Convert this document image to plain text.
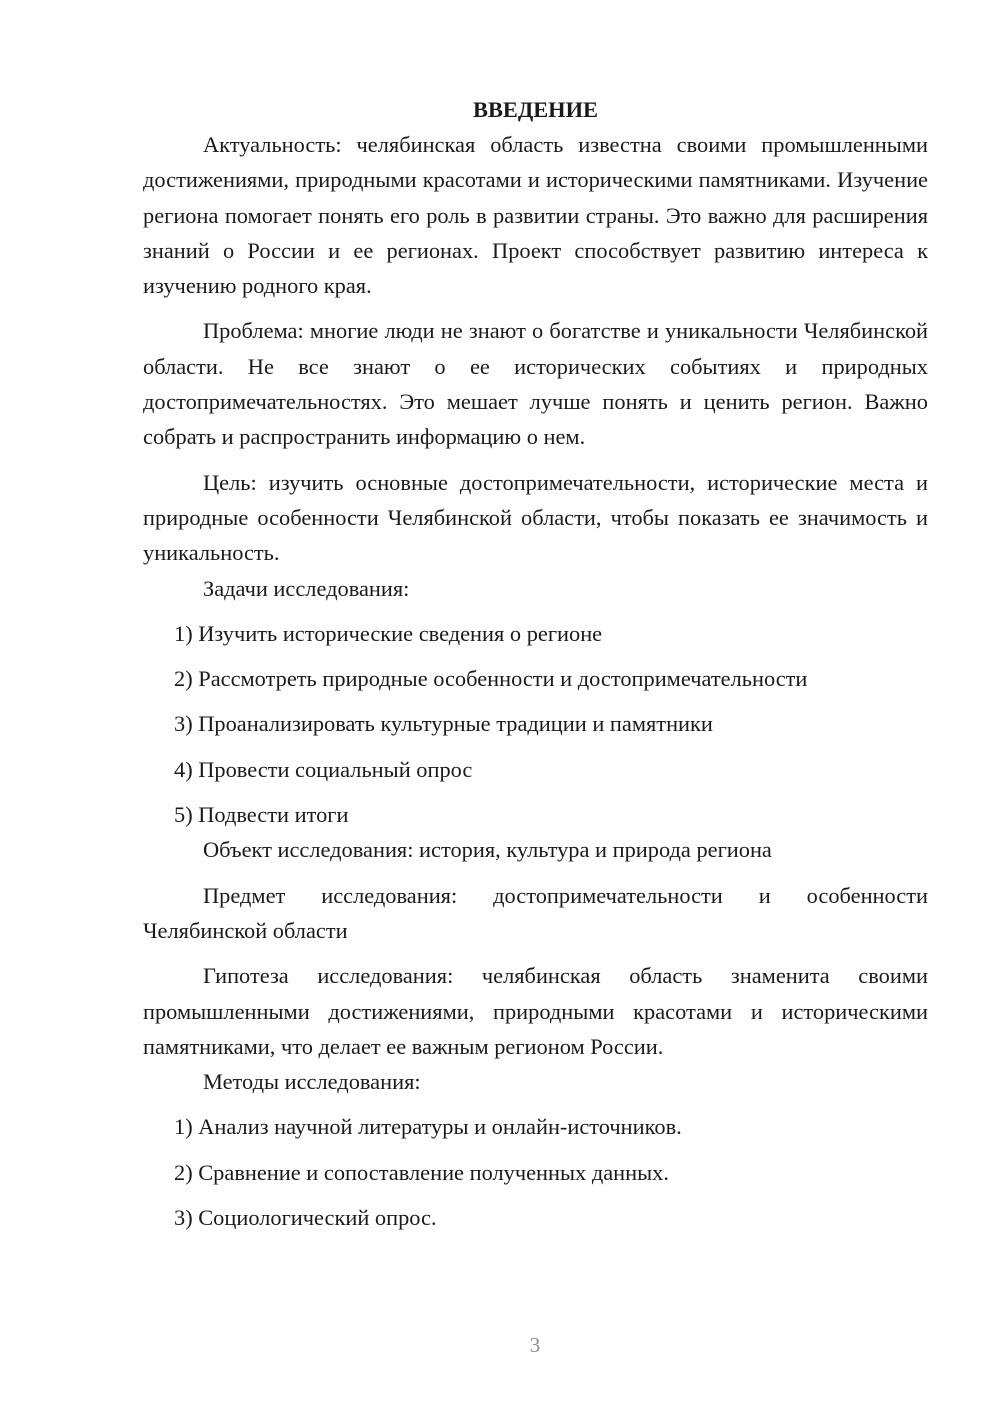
ВВЕДЕНИЕ

Актуальность: челябинская область известна своими промышленными достижениями, природными красотами и историческими памятниками. Изучение региона помогает понять его роль в развитии страны. Это важно для расширения знаний о России и ее регионах. Проект способствует развитию интереса к изучению родного края.

Проблема: многие люди не знают о богатстве и уникальности Челябинской области. Не все знают о ее исторических событиях и природных достопримечательностях. Это мешает лучше понять и ценить регион. Важно собрать и распространить информацию о нем.

Цель: изучить основные достопримечательности, исторические места и природные особенности Челябинской области, чтобы показать ее значимость и уникальность.

Задачи исследования:

1) Изучить исторические сведения о регионе

2) Рассмотреть природные особенности и достопримечательности

3) Проанализировать культурные традиции и памятники

4) Провести социальный опрос

5) Подвести итоги

Объект исследования: история, культура и природа региона

Предмет исследования: достопримечательности и особенности Челябинской области

Гипотеза исследования: челябинская область знаменита своими промышленными достижениями, природными красотами и историческими памятниками, что делает ее важным регионом России.

Методы исследования:

1) Анализ научной литературы и онлайн-источников.

2) Сравнение и сопоставление полученных данных.

3) Социологический опрос.

3
